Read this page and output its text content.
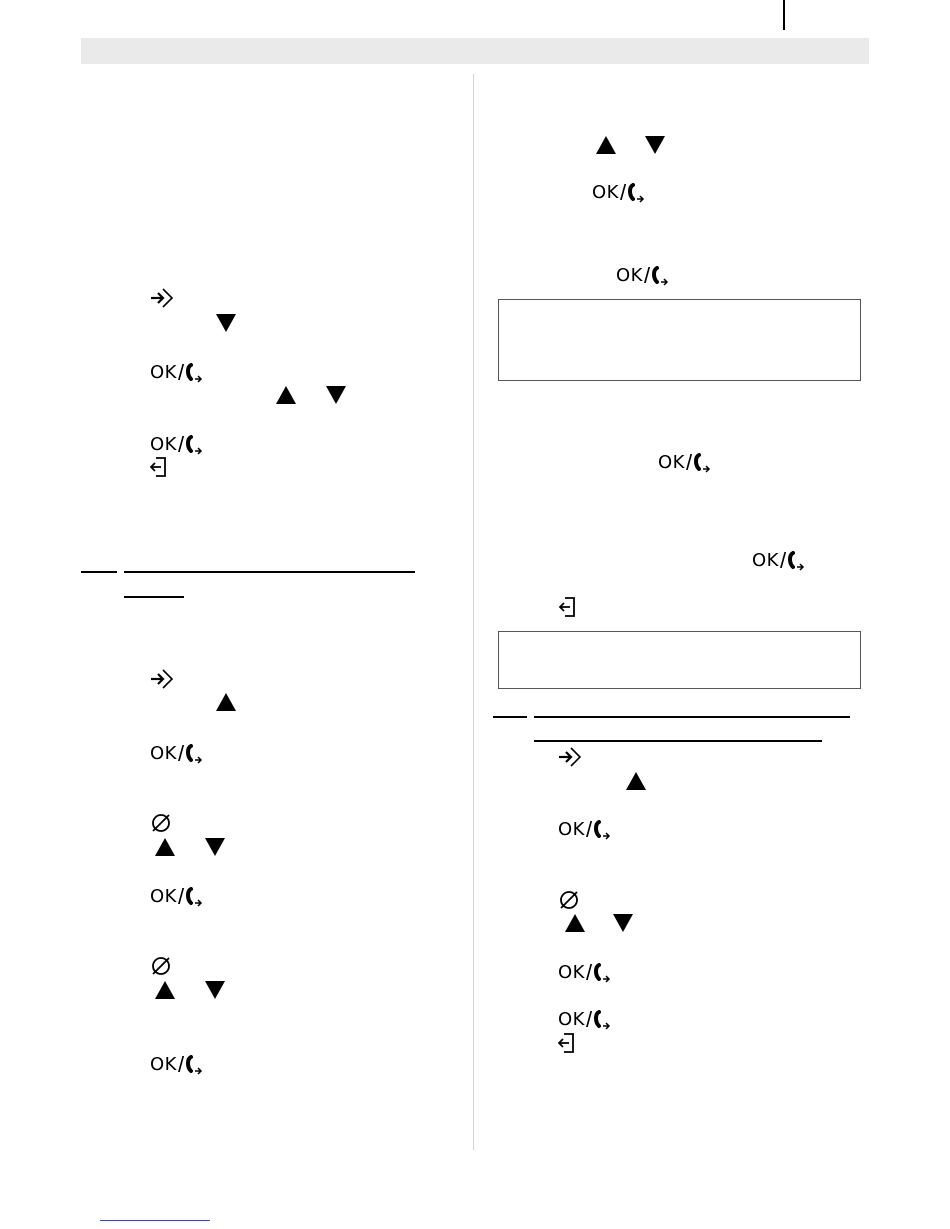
OK /
OK /
OK /
OK /
OK /
OK /
OK /
OK /
OK /
OK /
OK /
OK /
